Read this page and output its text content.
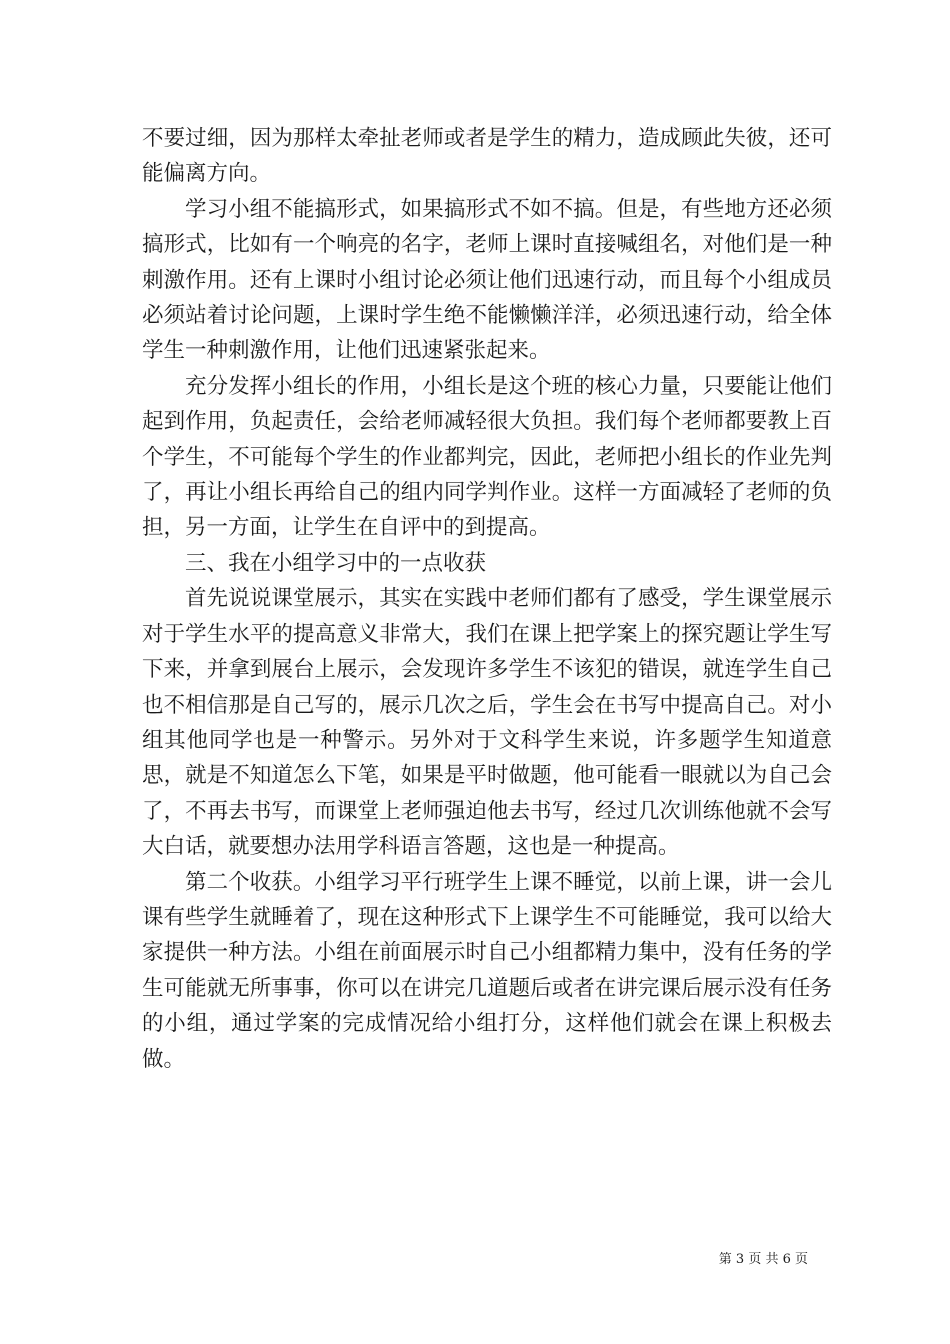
不要过细，因为那样太牵扯老师或者是学生的精力，造成顾此失彼，还可能偏离方向。

学习小组不能搞形式，如果搞形式不如不搞。但是，有些地方还必须搞形式，比如有一个响亮的名字，老师上课时直接喊组名，对他们是一种刺激作用。还有上课时小组讨论必须让他们迅速行动，而且每个小组成员必须站着讨论问题，上课时学生绝不能懒懒洋洋，必须迅速行动，给全体学生一种刺激作用，让他们迅速紧张起来。

充分发挥小组长的作用，小组长是这个班的核心力量，只要能让他们起到作用，负起责任，会给老师减轻很大负担。我们每个老师都要教上百个学生，不可能每个学生的作业都判完，因此，老师把小组长的作业先判了，再让小组长再给自己的组内同学判作业。这样一方面减轻了老师的负担，另一方面，让学生在自评中的到提高。

三、我在小组学习中的一点收获

首先说说课堂展示，其实在实践中老师们都有了感受，学生课堂展示对于学生水平的提高意义非常大，我们在课上把学案上的探究题让学生写下来，并拿到展台上展示，会发现许多学生不该犯的错误，就连学生自己也不相信那是自己写的，展示几次之后，学生会在书写中提高自己。对小组其他同学也是一种警示。另外对于文科学生来说，许多题学生知道意思，就是不知道怎么下笔，如果是平时做题，他可能看一眼就以为自己会了，不再去书写，而课堂上老师强迫他去书写，经过几次训练他就不会写大白话，就要想办法用学科语言答题，这也是一种提高。

第二个收获。小组学习平行班学生上课不睡觉，以前上课，讲一会儿课有些学生就睡着了，现在这种形式下上课学生不可能睡觉，我可以给大家提供一种方法。小组在前面展示时自己小组都精力集中，没有任务的学生可能就无所事事，你可以在讲完几道题后或者在讲完课后展示没有任务的小组，通过学案的完成情况给小组打分，这样他们就会在课上积极去做。

第 3 页 共 6 页
